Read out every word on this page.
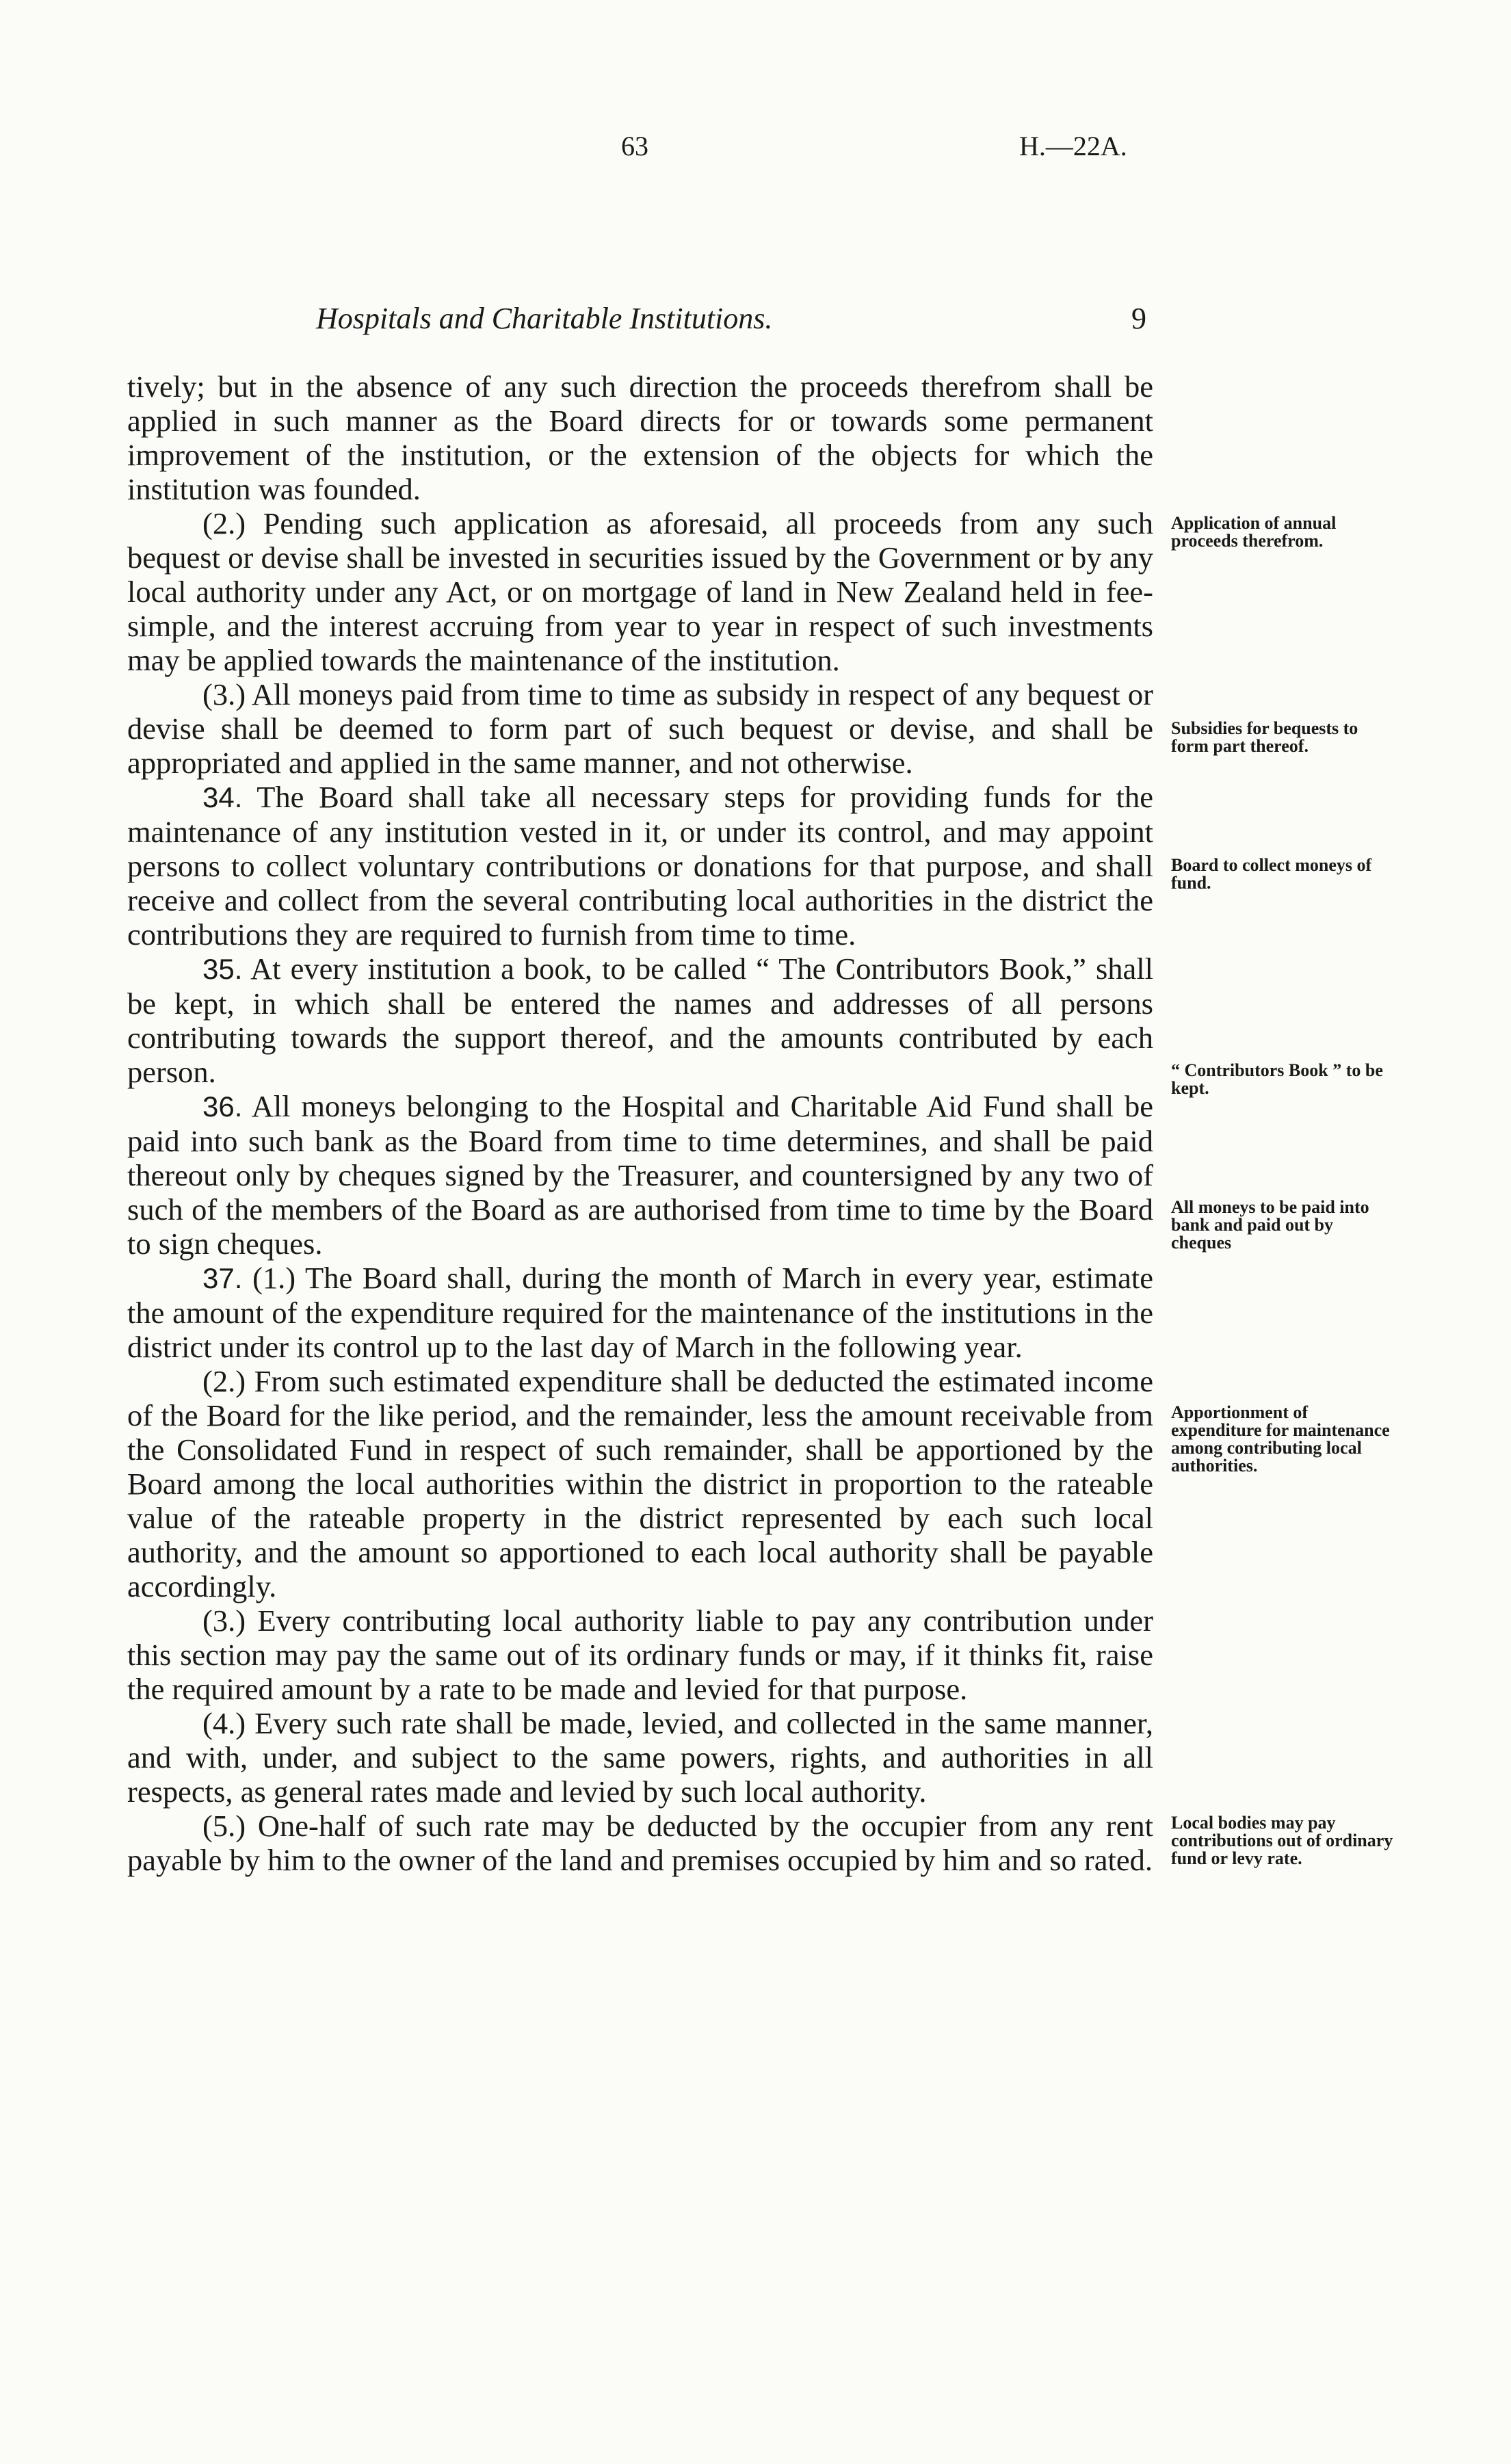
63	H.—22A.
Hospitals and Charitable Institutions.	9

tively; but in the absence of any such direction the proceeds therefrom shall be applied in such manner as the Board directs for or towards some permanent improvement of the institution, or the extension of the objects for which the institution was founded.

(2.) Pending such application as aforesaid, all proceeds from any such bequest or devise shall be invested in securities issued by the Government or by any local authority under any Act, or on mortgage of land in New Zealand held in fee-simple, and the interest accruing from year to year in respect of such investments may be applied towards the maintenance of the institution.

(3.) All moneys paid from time to time as subsidy in respect of any bequest or devise shall be deemed to form part of such bequest or devise, and shall be appropriated and applied in the same manner, and not otherwise.

34. The Board shall take all necessary steps for providing funds for the maintenance of any institution vested in it, or under its control, and may appoint persons to collect voluntary contributions or donations for that purpose, and shall receive and collect from the several contributing local authorities in the district the contributions they are required to furnish from time to time.

35. At every institution a book, to be called “ The Contributors Book,” shall be kept, in which shall be entered the names and addresses of all persons contributing towards the support thereof, and the amounts contributed by each person.

36. All moneys belonging to the Hospital and Charitable Aid Fund shall be paid into such bank as the Board from time to time determines, and shall be paid thereout only by cheques signed by the Treasurer, and countersigned by any two of such of the members of the Board as are authorised from time to time by the Board to sign cheques.

37. (1.) The Board shall, during the month of March in every year, estimate the amount of the expenditure required for the maintenance of the institutions in the district under its control up to the last day of March in the following year.

(2.) From such estimated expenditure shall be deducted the estimated income of the Board for the like period, and the remainder, less the amount receivable from the Consolidated Fund in respect of such remainder, shall be apportioned by the Board among the local authorities within the district in proportion to the rateable value of the rateable property in the district represented by each such local authority, and the amount so apportioned to each local authority shall be payable accordingly.

(3.) Every contributing local authority liable to pay any contribution under this section may pay the same out of its ordinary funds or may, if it thinks fit, raise the required amount by a rate to be made and levied for that purpose.

(4.) Every such rate shall be made, levied, and collected in the same manner, and with, under, and subject to the same powers, rights, and authorities in all respects, as general rates made and levied by such local authority.

(5.) One-half of such rate may be deducted by the occupier from any rent payable by him to the owner of the land and premises occupied by him and so rated.

Application of annual proceeds therefrom.
Subsidies for bequests to form part thereof.
Board to collect moneys of fund.
“ Contributors Book ” to be kept.
All moneys to be paid into bank and paid out by cheques
Apportionment of expenditure for maintenance among contributing local authorities.
Local bodies may pay contributions out of ordinary fund or levy rate.
